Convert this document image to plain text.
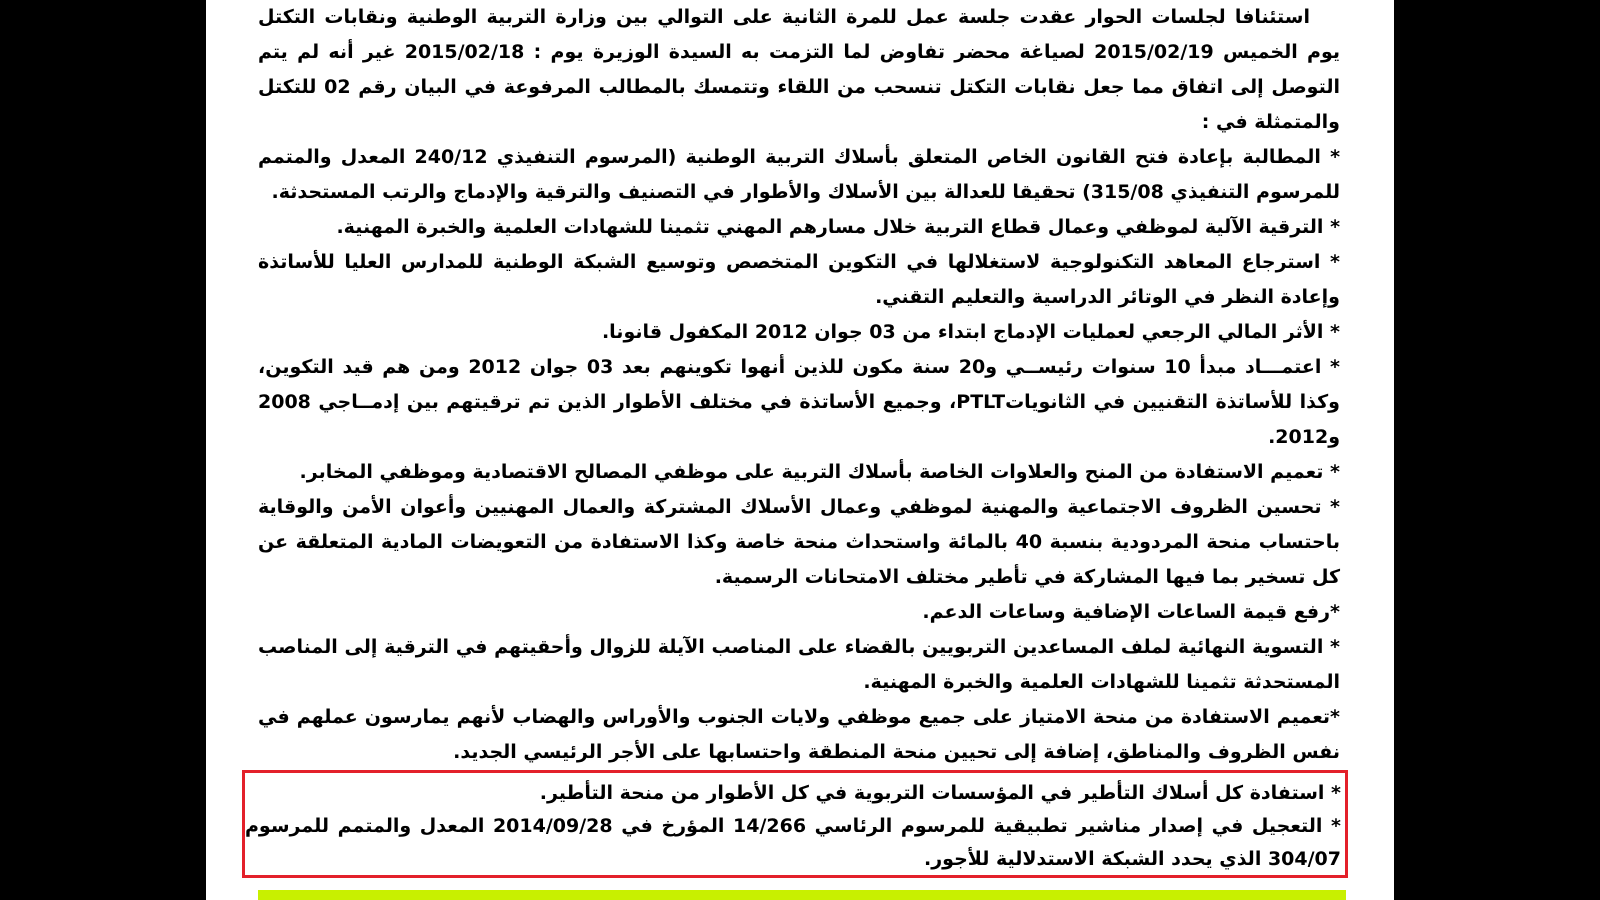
استئنافا لجلسات الحوار عقدت جلسة عمل للمرة الثانية على التوالي بين وزارة التربية الوطنية ونقابات التكتل يوم الخميس 2015/02/19 لصياغة محضر تفاوض لما التزمت به السيدة الوزيرة يوم : 2015/02/18 غير أنه لم يتم التوصل إلى اتفاق مما جعل نقابات التكتل تنسحب من اللقاء وتتمسك بالمطالب المرفوعة في البيان رقم 02 للتكتل والمتمثلة في :

* المطالبة بإعادة فتح القانون الخاص المتعلق بأسلاك التربية الوطنية (المرسوم التنفيذي 240/12 المعدل والمتمم للمرسوم التنفيذي 315/08) تحقيقا للعدالة بين الأسلاك والأطوار في التصنيف والترقية والإدماج والرتب المستحدثة.

* الترقية الآلية لموظفي وعمال قطاع التربية خلال مسارهم المهني تثمينا للشهادات العلمية والخبرة المهنية.

* استرجاع المعاهد التكنولوجية لاستغلالها في التكوين المتخصص وتوسيع الشبكة الوطنية للمدارس العليا للأساتذة وإعادة النظر في الوتائر الدراسية والتعليم التقني.

* الأثر المالي الرجعي لعمليات الإدماج ابتداء من 03 جوان 2012 المكفول قانونا.

* اعتمـــاد مبدأ 10 سنوات رئيســي و20 سنة مكون للذين أنهوا تكوينهم بعد 03 جوان 2012 ومن هم قيد التكوين، وكذا للأساتذة التقنيين في الثانوياتPTLT، وجميع الأساتذة في مختلف الأطوار الذين تم ترقيتهم بين إدمــاجي 2008 و2012.

* تعميم الاستفادة من المنح والعلاوات الخاصة بأسلاك التربية على موظفي المصالح الاقتصادية وموظفي المخابر.

* تحسين الظروف الاجتماعية والمهنية لموظفي وعمال الأسلاك المشتركة والعمال المهنيين وأعوان الأمن والوقاية باحتساب منحة المردودية بنسبة 40 بالمائة واستحداث منحة خاصة وكذا الاستفادة من التعويضات المادية المتعلقة عن كل تسخير بما فيها المشاركة في تأطير مختلف الامتحانات الرسمية.

*رفع قيمة الساعات الإضافية وساعات الدعم.

* التسوية النهائية لملف المساعدين التربويين بالقضاء على المناصب الآيلة للزوال وأحقيتهم في الترقية إلى المناصب المستحدثة تثمينا للشهادات العلمية والخبرة المهنية.

*تعميم الاستفادة من منحة الامتياز على جميع موظفي ولايات الجنوب والأوراس والهضاب لأنهم يمارسون عملهم في نفس الظروف والمناطق، إضافة إلى تحيين منحة المنطقة واحتسابها على الأجر الرئيسي الجديد.

* استفادة كل أسلاك التأطير في المؤسسات التربوية في كل الأطوار من منحة التأطير.

* التعجيل في إصدار مناشير تطبيقية للمرسوم الرئاسي 14/266 المؤرخ في 2014/09/28 المعدل والمتمم للمرسوم 304/07 الذي يحدد الشبكة الاستدلالية للأجور.
